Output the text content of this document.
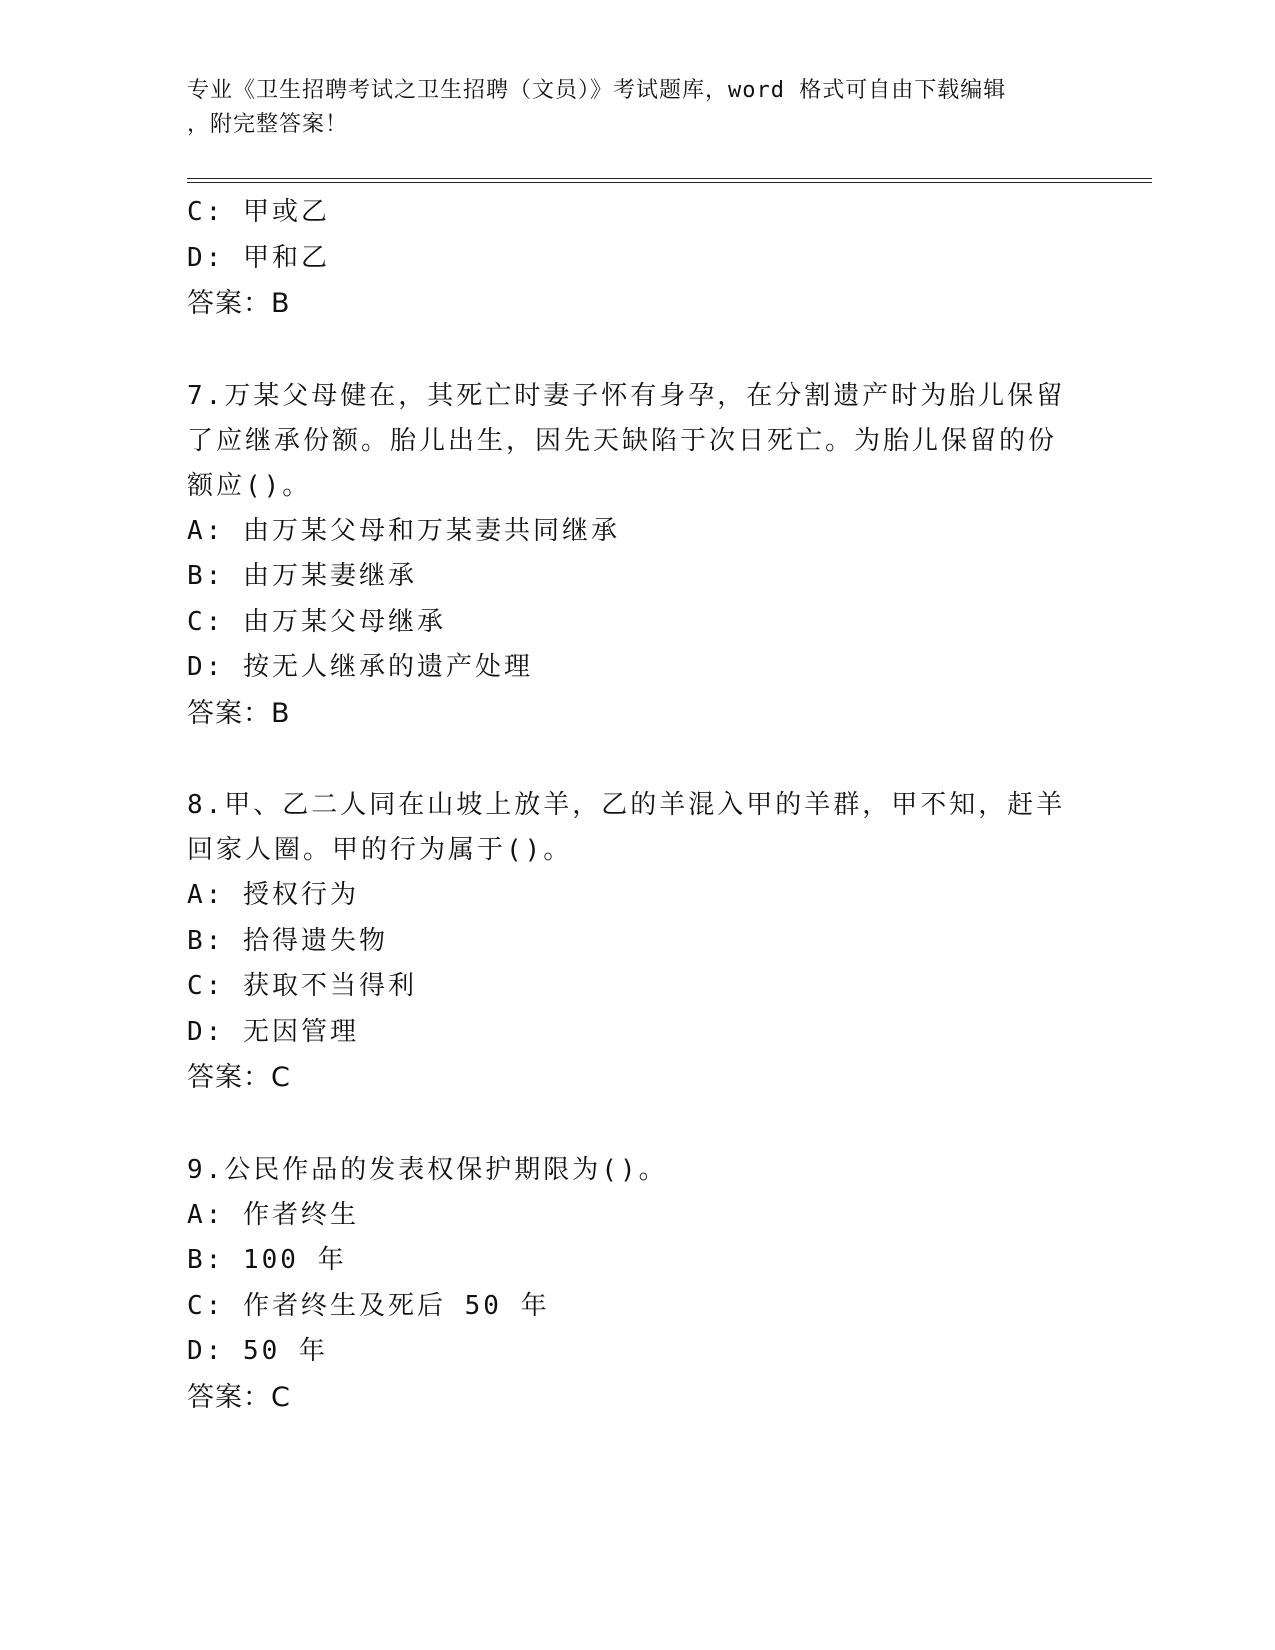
专业《卫生招聘考试之卫生招聘（文员）》考试题库，word 格式可自由下载编辑
，附完整答案！
C: 甲或乙
D: 甲和乙
答案：B
7.万某父母健在，其死亡时妻子怀有身孕，在分割遗产时为胎儿保留
了应继承份额。胎儿出生，因先天缺陷于次日死亡。为胎儿保留的份
额应()。
A: 由万某父母和万某妻共同继承
B: 由万某妻继承
C: 由万某父母继承
D: 按无人继承的遗产处理
答案：B
8.甲、乙二人同在山坡上放羊，乙的羊混入甲的羊群，甲不知，赶羊
回家人圈。甲的行为属于()。
A: 授权行为
B: 拾得遗失物
C: 获取不当得利
D: 无因管理
答案：C
9.公民作品的发表权保护期限为()。
A: 作者终生
B: 100 年
C: 作者终生及死后 50 年
D: 50 年
答案：C
